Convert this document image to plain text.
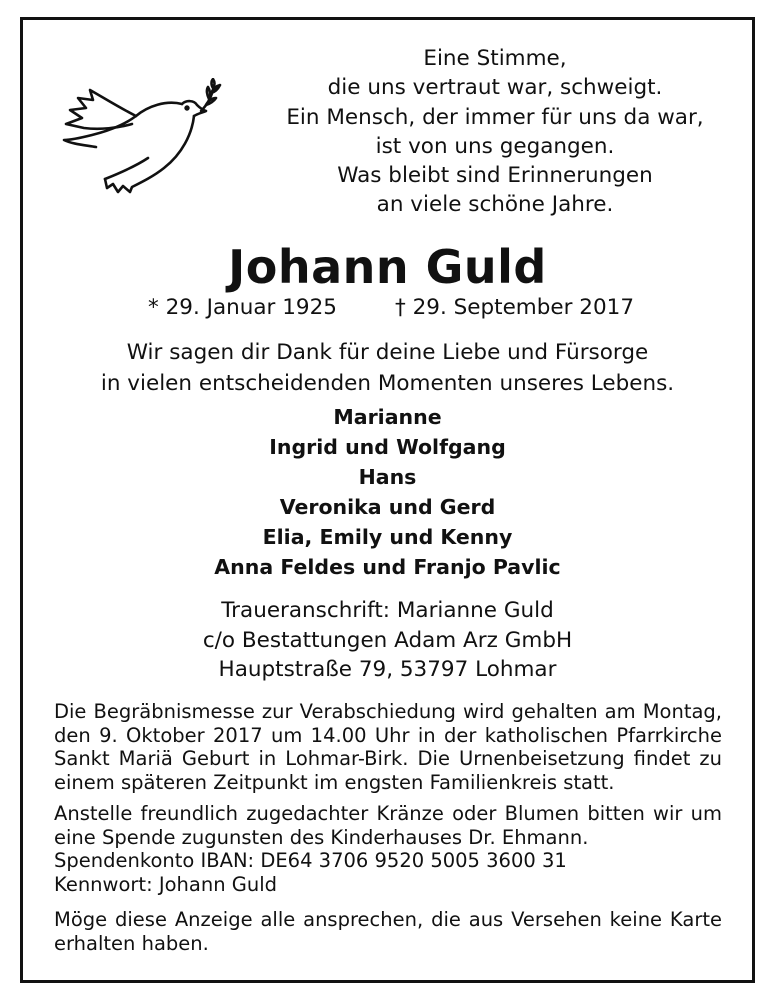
Eine Stimme,
die uns vertraut war, schweigt.
Ein Mensch, der immer für uns da war,
ist von uns gegangen.
Was bleibt sind Erinnerungen
an viele schöne Jahre.
Johann Guld
* 29. Januar 1925	† 29. September 2017
Wir sagen dir Dank für deine Liebe und Fürsorge
in vielen entscheidenden Momenten unseres Lebens.
Marianne
Ingrid und Wolfgang
Hans
Veronika und Gerd
Elia, Emily und Kenny
Anna Feldes und Franjo Pavlic
Traueranschrift: Marianne Guld
c/o Bestattungen Adam Arz GmbH
Hauptstraße 79, 53797 Lohmar
Die Begräbnismesse zur Verabschiedung wird gehalten am Montag, den 9. Oktober 2017 um 14.00 Uhr in der katholischen Pfarrkirche Sankt Mariä Geburt in Lohmar-Birk. Die Urnenbeisetzung findet zu einem späteren Zeitpunkt im engsten Familienkreis statt.
Anstelle freundlich zugedachter Kränze oder Blumen bitten wir um eine Spende zugunsten des Kinderhauses Dr. Ehmann.
Spendenkonto IBAN: DE64 3706 9520 5005 3600 31
Kennwort: Johann Guld
Möge diese Anzeige alle ansprechen, die aus Versehen keine Karte erhalten haben.
